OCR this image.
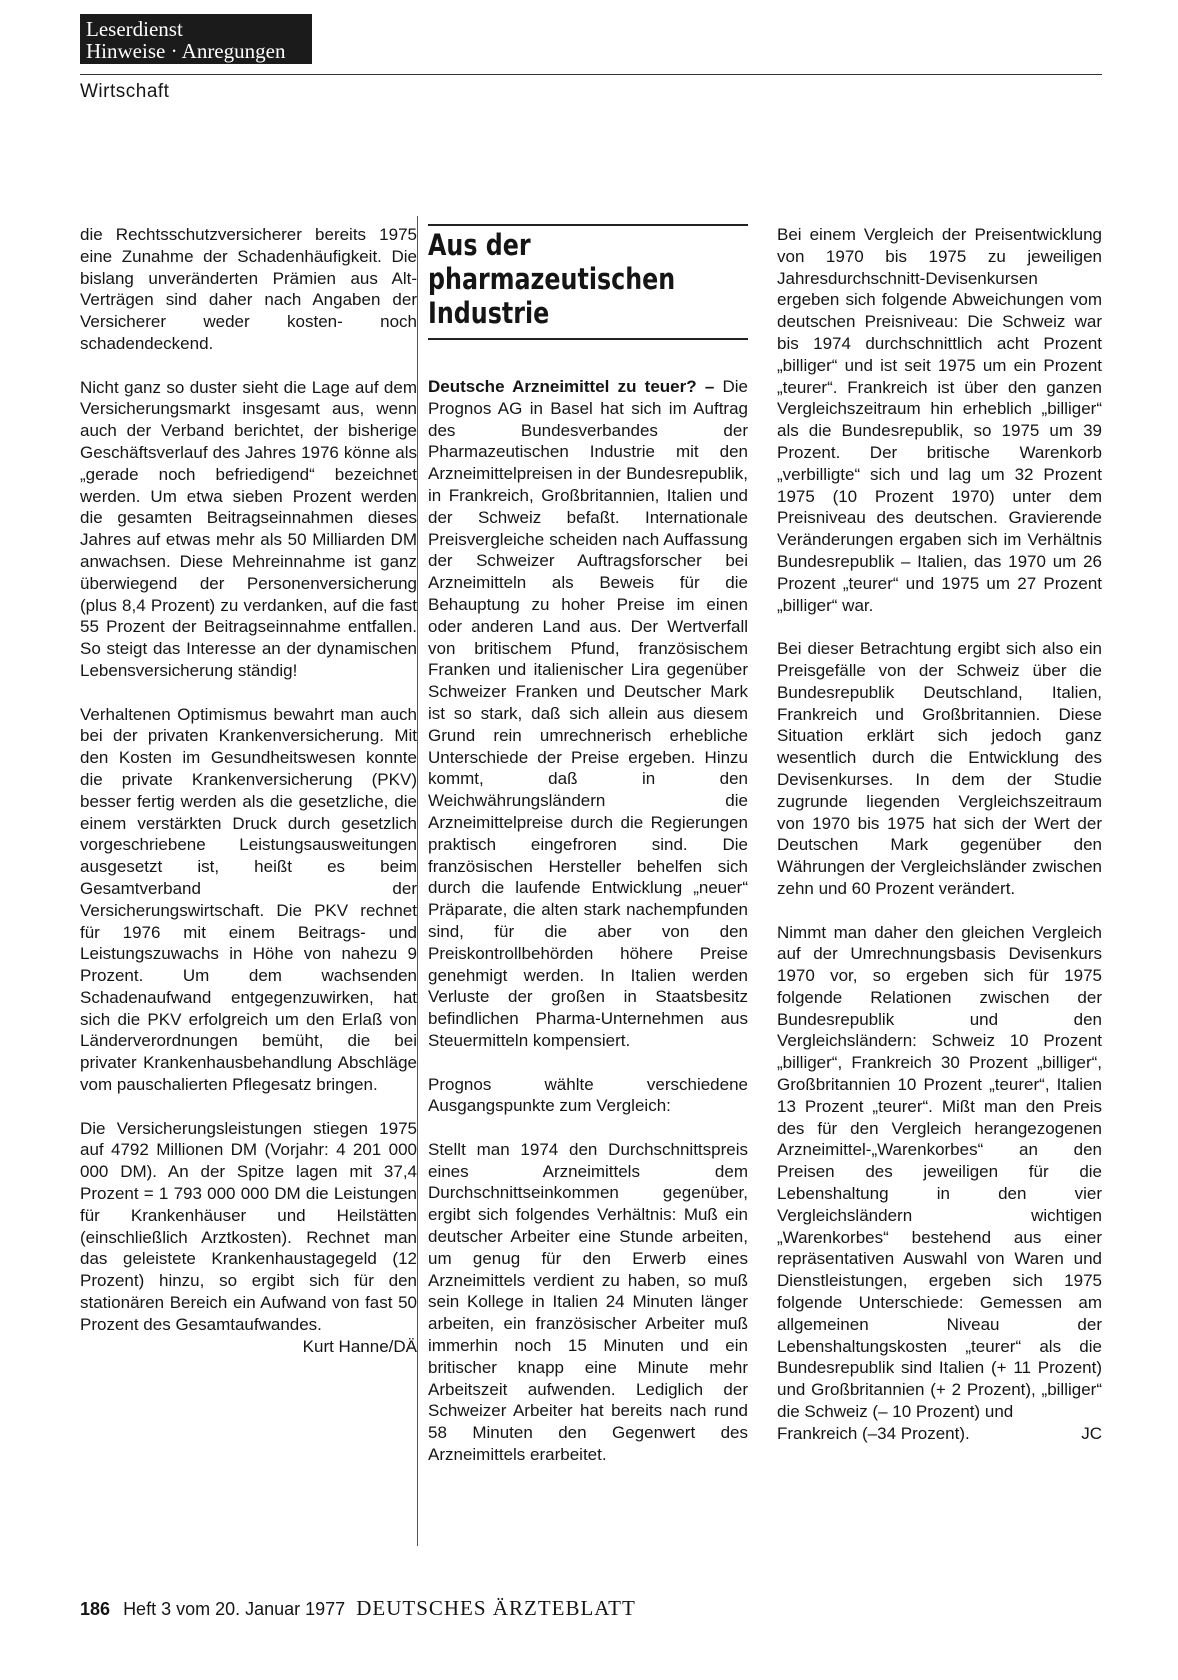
Leserdienst
Hinweise · Anregungen
Wirtschaft

die Rechtsschutzversicherer bereits 1975 eine Zunahme der Schadenhäufigkeit. Die bislang unveränderten Prämien aus Alt-Verträgen sind daher nach Angaben der Versicherer weder kosten- noch schadendeckend.

Nicht ganz so duster sieht die Lage auf dem Versicherungsmarkt insgesamt aus, wenn auch der Verband berichtet, der bisherige Geschäftsverlauf des Jahres 1976 könne als „gerade noch befriedigend“ bezeichnet werden. Um etwa sieben Prozent werden die gesamten Beitragseinnahmen dieses Jahres auf etwas mehr als 50 Milliarden DM anwachsen. Diese Mehreinnahme ist ganz überwiegend der Personenversicherung (plus 8,4 Prozent) zu verdanken, auf die fast 55 Prozent der Beitragseinnahme entfallen. So steigt das Interesse an der dynamischen Lebensversicherung ständig!

Verhaltenen Optimismus bewahrt man auch bei der privaten Krankenversicherung. Mit den Kosten im Gesundheitswesen konnte die private Krankenversicherung (PKV) besser fertig werden als die gesetzliche, die einem verstärkten Druck durch gesetzlich vorgeschriebene Leistungsausweitungen ausgesetzt ist, heißt es beim Gesamtverband der Versicherungswirtschaft. Die PKV rechnet für 1976 mit einem Beitrags- und Leistungszuwachs in Höhe von nahezu 9 Prozent. Um dem wachsenden Schadenaufwand entgegenzuwirken, hat sich die PKV erfolgreich um den Erlaß von Länderverordnungen bemüht, die bei privater Krankenhausbehandlung Abschläge vom pauschalierten Pflegesatz bringen.

Die Versicherungsleistungen stiegen 1975 auf 4792 Millionen DM (Vorjahr: 4 201 000 000 DM). An der Spitze lagen mit 37,4 Prozent = 1 793 000 000 DM die Leistungen für Krankenhäuser und Heilstätten (einschließlich Arztkosten). Rechnet man das geleistete Krankenhaustagegeld (12 Prozent) hinzu, so ergibt sich für den stationären Bereich ein Aufwand von fast 50 Prozent des Gesamtaufwandes.
Kurt Hanne/DÄ

Aus der
pharmazeutischen
Industrie

Deutsche Arzneimittel zu teuer? – Die Prognos AG in Basel hat sich im Auftrag des Bundesverbandes der Pharmazeutischen Industrie mit den Arzneimittelpreisen in der Bundesrepublik, in Frankreich, Großbritannien, Italien und der Schweiz befaßt. Internationale Preisvergleiche scheiden nach Auffassung der Schweizer Auftragsforscher bei Arzneimitteln als Beweis für die Behauptung zu hoher Preise im einen oder anderen Land aus. Der Wertverfall von britischem Pfund, französischem Franken und italienischer Lira gegenüber Schweizer Franken und Deutscher Mark ist so stark, daß sich allein aus diesem Grund rein umrechnerisch erhebliche Unterschiede der Preise ergeben. Hinzu kommt, daß in den Weichwährungsländern die Arzneimittelpreise durch die Regierungen praktisch eingefroren sind. Die französischen Hersteller behelfen sich durch die laufende Entwicklung „neuer“ Präparate, die alten stark nachempfunden sind, für die aber von den Preiskontrollbehörden höhere Preise genehmigt werden. In Italien werden Verluste der großen in Staatsbesitz befindlichen Pharma-Unternehmen aus Steuermitteln kompensiert.

Prognos wählte verschiedene Ausgangspunkte zum Vergleich:

Stellt man 1974 den Durchschnittspreis eines Arzneimittels dem Durchschnittseinkommen gegenüber, ergibt sich folgendes Verhältnis: Muß ein deutscher Arbeiter eine Stunde arbeiten, um genug für den Erwerb eines Arzneimittels verdient zu haben, so muß sein Kollege in Italien 24 Minuten länger arbeiten, ein französischer Arbeiter muß immerhin noch 15 Minuten und ein britischer knapp eine Minute mehr Arbeitszeit aufwenden. Lediglich der Schweizer Arbeiter hat bereits nach rund 58 Minuten den Gegenwert des Arzneimittels erarbeitet.

Bei einem Vergleich der Preisentwicklung von 1970 bis 1975 zu jeweiligen Jahresdurchschnitt-Devisenkursen ergeben sich folgende Abweichungen vom deutschen Preisniveau: Die Schweiz war bis 1974 durchschnittlich acht Prozent „billiger“ und ist seit 1975 um ein Prozent „teurer“. Frankreich ist über den ganzen Vergleichszeitraum hin erheblich „billiger“ als die Bundesrepublik, so 1975 um 39 Prozent. Der britische Warenkorb „verbilligte“ sich und lag um 32 Prozent 1975 (10 Prozent 1970) unter dem Preisniveau des deutschen. Gravierende Veränderungen ergaben sich im Verhältnis Bundesrepublik – Italien, das 1970 um 26 Prozent „teurer“ und 1975 um 27 Prozent „billiger“ war.

Bei dieser Betrachtung ergibt sich also ein Preisgefälle von der Schweiz über die Bundesrepublik Deutschland, Italien, Frankreich und Großbritannien. Diese Situation erklärt sich jedoch ganz wesentlich durch die Entwicklung des Devisenkurses. In dem der Studie zugrunde liegenden Vergleichszeitraum von 1970 bis 1975 hat sich der Wert der Deutschen Mark gegenüber den Währungen der Vergleichsländer zwischen zehn und 60 Prozent verändert.

Nimmt man daher den gleichen Vergleich auf der Umrechnungsbasis Devisenkurs 1970 vor, so ergeben sich für 1975 folgende Relationen zwischen der Bundesrepublik und den Vergleichsländern: Schweiz 10 Prozent „billiger“, Frankreich 30 Prozent „billiger“, Großbritannien 10 Prozent „teurer“, Italien 13 Prozent „teurer“. Mißt man den Preis des für den Vergleich herangezogenen Arzneimittel-„Warenkorbes“ an den Preisen des jeweiligen für die Lebenshaltung in den vier Vergleichsländern wichtigen „Warenkorbes“ bestehend aus einer repräsentativen Auswahl von Waren und Dienstleistungen, ergeben sich 1975 folgende Unterschiede: Gemessen am allgemeinen Niveau der Lebenshaltungskosten „teurer“ als die Bundesrepublik sind Italien (+ 11 Prozent) und Großbritannien (+ 2 Prozent), „billiger“ die Schweiz (– 10 Prozent) und

Frankreich (–34 Prozent).	JC
186 Heft 3 vom 20. Januar 1977 DEUTSCHES ÄRZTEBLATT
